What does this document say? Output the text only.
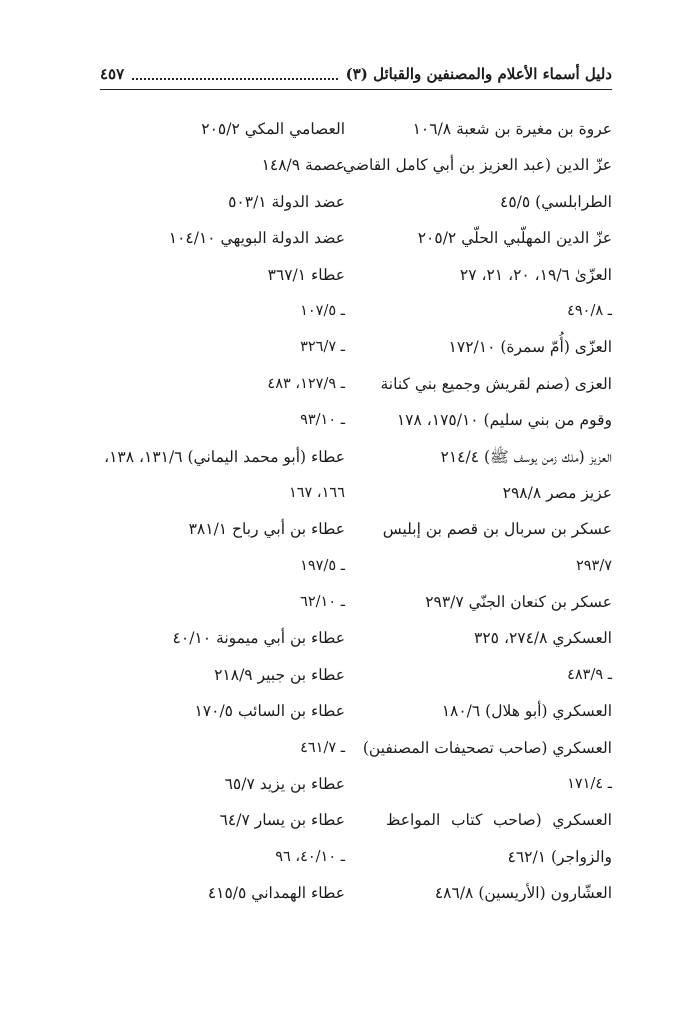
دليل أسماء الأعلام والمصنفين والقبائل (٣)
٤٥٧
عروة بن مغيرة بن شعبة ١٠٦/٨
عزّ الدين (عبد العزيز بن أبي كامل القاضي
الطرابلسي) ٤٥/٥
عزّ الدين المهلّبي الحلّي ٢٠٥/٢
العزّىٰ ١٩/٦، ٢٠، ٢١، ٢٧
ـ ٤٩٠/٨
العزّى (أُمّ سمرة) ١٧٢/١٠
العزى (صنم لقريش وجميع بني كنانة
وقوم من بني سليم) ١٧٥/١٠، ١٧٨
العزيز (ملك زمن يوسف ﷺ) ٢١٤/٤
عزيز مصر ٢٩٨/٨
عسكر بن سربال بن قصم بن إبليس
٢٩٣/٧
عسكر بن كنعان الجنّي ٢٩٣/٧
العسكري ٢٧٤/٨، ٣٢٥
ـ ٤٨٣/٩
العسكري (أبو هلال) ١٨٠/٦
العسكري (صاحب تصحيفات المصنفين)
ـ ١٧١/٤
العسكري (صاحب كتاب المواعظ
والزواجر) ٤٦٢/١
العشّارون (الأريسين) ٤٨٦/٨
العصامي المكي ٢٠٥/٢
عصمة ١٤٨/٩
عضد الدولة ٥٠٣/١
عضد الدولة البويهي ١٠٤/١٠
عطاء ٣٦٧/١
ـ ١٠٧/٥
ـ ٣٢٦/٧
ـ ١٢٧/٩، ٤٨٣
ـ ٩٣/١٠
عطاء (أبو محمد اليماني) ١٣١/٦، ١٣٨،
١٦٦، ١٦٧
عطاء بن أبي رباح ٣٨١/١
ـ ١٩٧/٥
ـ ٦٢/١٠
عطاء بن أبي ميمونة ٤٠/١٠
عطاء بن جبير ٢١٨/٩
عطاء بن السائب ١٧٠/٥
ـ ٤٦١/٧
عطاء بن يزيد ٦٥/٧
عطاء بن يسار ٦٤/٧
ـ ٤٠/١٠، ٩٦
عطاء الهمداني ٤١٥/٥
